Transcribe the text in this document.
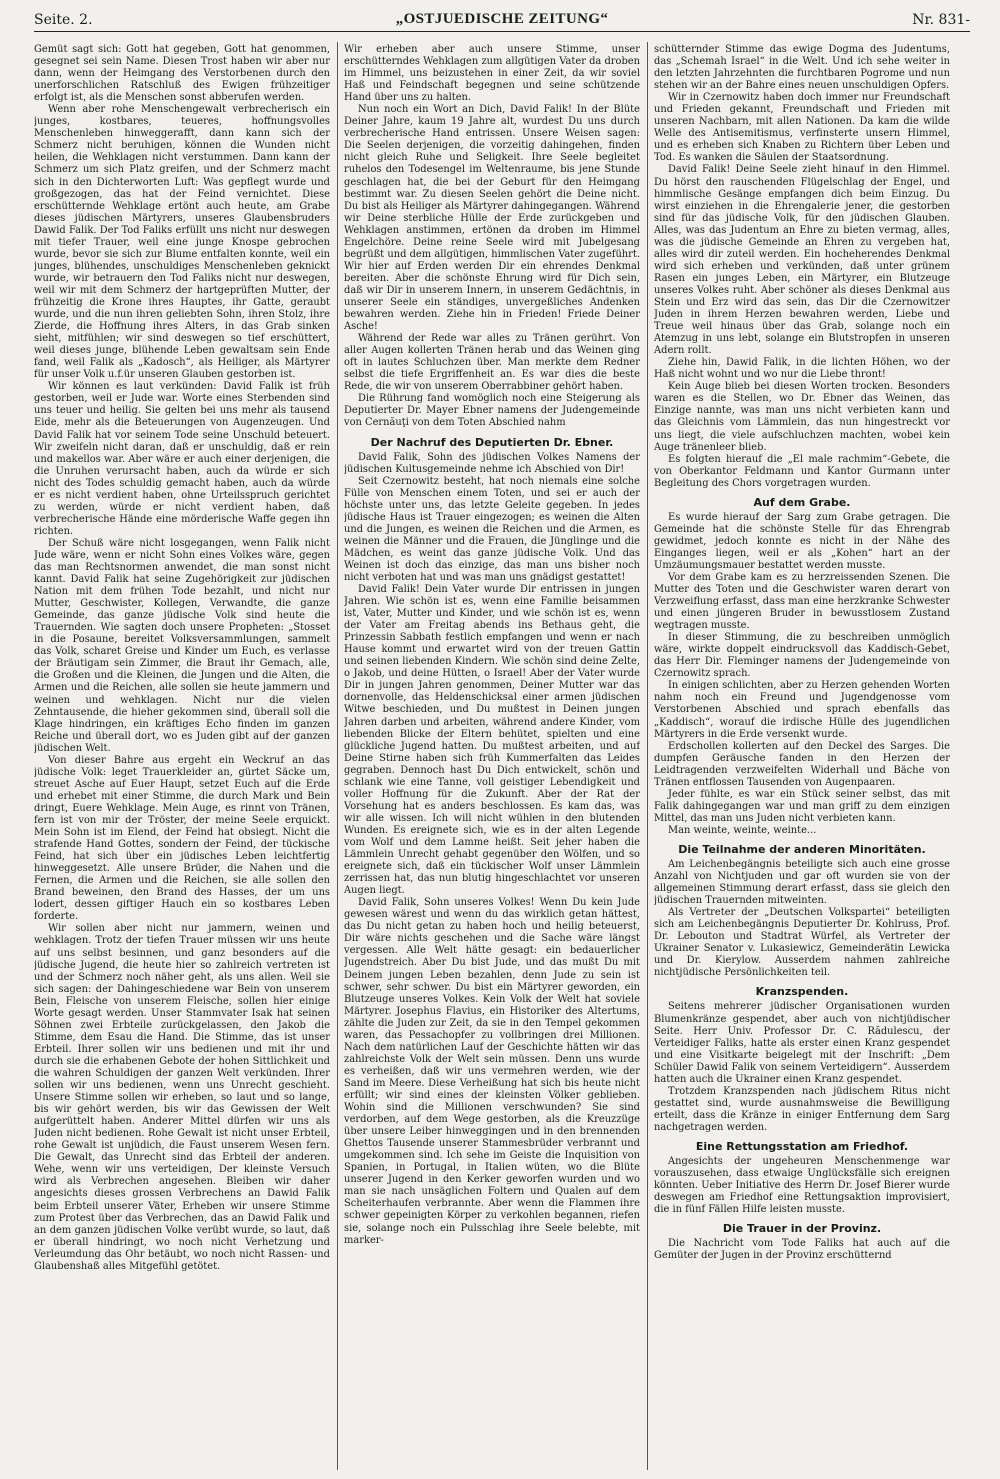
Seite. 2.	„OSTJUEDISCHE ZEITUNG“	Nr. 831-

Gemüt sagt sich: Gott hat gegeben, Gott hat genommen, gesegnet sei sein Name. Diesen Trost haben wir aber nur dann, wenn der Heimgang des Verstorbenen durch den unerforschlichen Ratschluß des Ewigen frühzeitiger erfolgt ist, als die Menschen sonst abberufen werden.

Wenn aber rohe Menschengewalt verbrecherisch ein junges, kostbares, teueres, hoffnungsvolles Menschenleben hinweggerafft, dann kann sich der Schmerz nicht beruhigen, können die Wunden nicht heilen, die Wehklagen nicht verstummen. Dann kann der Schmerz um sich Platz greifen, und der Schmerz macht sich in den Dichterworten Luft: Was gepflegt wurde und großgezogen, das hat der Feind vernichtet. Diese erschütternde Wehklage ertönt auch heute, am Grabe dieses jüdischen Märtyrers, unseres Glaubensbruders Dawid Falik. Der Tod Faliks erfüllt uns nicht nur deswegen mit tiefer Trauer, weil eine junge Knospe gebrochen wurde, bevor sie sich zur Blume entfalten konnte, weil ein junges, blühendes, unschuldiges Menschenleben geknickt wurde, wir betrauern den Tod Faliks nicht nur deswegen, weil wir mit dem Schmerz der hartgeprüften Mutter, der frühzeitig die Krone ihres Hauptes, ihr Gatte, geraubt wurde, und die nun ihren geliebten Sohn, ihren Stolz, ihre Zierde, die Hoffnung ihres Alters, in das Grab sinken sieht, mitfühlen; wir sind deswegen so tief erschüttert, weil dieses junge, blühende Leben gewaltsam sein Ende fand, weil Falik als „Kadosch“, als Heiliger, als Märtyrer für unser Volk u.f.ür unseren Glauben gestorben ist.

Wir können es laut verkünden: David Falik ist früh gestorben, weil er Jude war. Worte eines Sterbenden sind uns teuer und heilig. Sie gelten bei uns mehr als tausend Eide, mehr als die Beteuerungen von Augenzeugen. Und David Falik hat vor seinem Tode seine Unschuld beteuert. Wir zweifeln nicht daran, daß er unschuldig, daß er rein und makellos war. Aber wäre er auch einer derjenigen, die die Unruhen verursacht haben, auch da würde er sich nicht des Todes schuldig gemacht haben, auch da würde er es nicht verdient haben, ohne Urteilsspruch gerichtet zu werden, würde er nicht verdient haben, daß verbrecherische Hände eine mörderische Waffe gegen ihn richten.

Der Schuß wäre nicht losgegangen, wenn Falik nicht Jude wäre, wenn er nicht Sohn eines Volkes wäre, gegen das man Rechtsnormen anwendet, die man sonst nicht kannt. David Falik hat seine Zugehörigkeit zur jüdischen Nation mit dem frühen Tode bezahlt, und nicht nur Mutter, Geschwister, Kollegen, Verwandte, die ganze Gemeinde, das ganze jüdische Volk sind heute die Trauernden. Wie sagten doch unsere Propheten: „Stosset in die Posaune, bereitet Volksversammlungen, sammelt das Volk, scharet Greise und Kinder um Euch, es verlasse der Bräutigam sein Zimmer, die Braut ihr Gemach, alle, die Großen und die Kleinen, die Jungen und die Alten, die Armen und die Reichen, alle sollen sie heute jammern und weinen und wehklagen. Nicht nur die vielen Zehntausende, die hieher gekommen sind, überall soll die Klage hindringen, ein kräftiges Echo finden im ganzen Reiche und überall dort, wo es Juden gibt auf der ganzen jüdischen Welt.

Von dieser Bahre aus ergeht ein Weckruf an das jüdische Volk: leget Trauerkleider an, gürtet Säcke um, streuet Asche auf Euer Haupt, setzet Euch auf die Erde und erhebet mit einer Stimme, die durch Mark und Bein dringt, Euere Wehklage. Mein Auge, es rinnt von Tränen, fern ist von mir der Tröster, der meine Seele erquickt. Mein Sohn ist im Elend, der Feind hat obsiegt. Nicht die strafende Hand Gottes, sondern der Feind, der tückische Feind, hat sich über ein jüdisches Leben leichtfertig hinweggesetzt. Alle unsere Brüder, die Nahen und die Fernen, die Armen und die Reichen, sie alle sollen den Brand beweinen, den Brand des Hasses, der um uns lodert, dessen giftiger Hauch ein so kostbares Leben forderte.

Wir sollen aber nicht nur jammern, weinen und wehklagen. Trotz der tiefen Trauer müssen wir uns heute auf uns selbst besinnen, und ganz besonders auf die jüdische Jugend, die heute hier so zahlreich vertreten ist und der Schmerz noch näher geht, als uns allen. Weil sie sich sagen: der Dahingeschiedene war Bein von unserem Bein, Fleische von unserem Fleische, sollen hier einige Worte gesagt werden. Unser Stammvater Isak hat seinen Söhnen zwei Erbteile zurückgelassen, den Jakob die Stimme, dem Esau die Hand. Die Stimme, das ist unser Erbteil. Ihrer sollen wir uns bedienen und mit ihr und durch sie die erhabenen Gebote der hohen Sittlichkeit und die wahren Schuldigen der ganzen Welt verkünden. Ihrer sollen wir uns bedienen, wenn uns Unrecht geschieht. Unsere Stimme sollen wir erheben, so laut und so lange, bis wir gehört werden, bis wir das Gewissen der Welt aufgerüttelt haben. Anderer Mittel dürfen wir uns als Juden nicht bedienen. Rohe Gewalt ist nicht unser Erbteil, rohe Gewalt ist unjüdich, die Faust unserem Wesen fern. Die Gewalt, das Unrecht sind das Erbteil der anderen. Wehe, wenn wir uns verteidigen, Der kleinste Versuch wird als Verbrechen angesehen. Bleiben wir daher angesichts dieses grossen Verbrechens an Dawid Falik beim Erbteil unserer Väter, Erheben wir unsere Stimme zum Protest über das Verbrechen, das an Dawid Falik und an dem ganzen jüdischen Volke verübt wurde, so laut, daß er überall hindringt, wo noch nicht Verhetzung und Verleumdung das Ohr betäubt, wo noch nicht Rassen- und Glaubenshaß alles Mitgefühl getötet.

Wir erheben aber auch unsere Stimme, unser erschütterndes Wehklagen zum allgütigen Vater da droben im Himmel, uns beizustehen in einer Zeit, da wir soviel Haß und Feindschaft begegnen und seine schützende Hand über uns zu halten.

Nun noch ein Wort an Dich, David Falik! In der Blüte Deiner Jahre, kaum 19 Jahre alt, wurdest Du uns durch verbrecherische Hand entrissen. Unsere Weisen sagen: Die Seelen derjenigen, die vorzeitig dahingehen, finden nicht gleich Ruhe und Seligkeit. Ihre Seele begleitet ruhelos den Todesengel im Weltenraume, bis jene Stunde geschlagen hat, die bei der Geburt für den Heimgang bestimmt war. Zu diesen Seelen gehört die Deine nicht. Du bist als Heiliger als Märtyrer dahingegangen. Während wir Deine sterbliche Hülle der Erde zurückgeben und Wehklagen anstimmen, ertönen da droben im Himmel Engelchöre. Deine reine Seele wird mit Jubelgesang begrüßt und dem allgütigen, himmlischen Vater zugeführt. Wir hier auf Erden werden Dir ein ehrendes Denkmal bereiten. Aber die schönste Ehrung wird für Dich sein, daß wir Dir in unserem Innern, in unserem Gedächtnis, in unserer Seele ein ständiges, unvergeßliches Andenken bewahren werden. Ziehe hin in Frieden! Friede Deiner Asche!

Während der Rede war alles zu Tränen gerührt. Von aller Augen kollerten Tränen herab und das Weinen ging oft in lautes Schluchzen über. Man merkte dem Redner selbst die tiefe Ergriffenheit an. Es war dies die beste Rede, die wir von unserem Oberrabbiner gehört haben.

Die Rührung fand womöglich noch eine Steigerung als Deputierter Dr. Mayer Ebner namens der Judengemeinde von Cernăuţi von dem Toten Abschied nahm

Der Nachruf des Deputierten Dr. Ebner.

David Falik, Sohn des jüdischen Volkes Namens der jüdischen Kultusgemeinde nehme ich Abschied von Dir!

Seit Czernowitz besteht, hat noch niemals eine solche Fülle von Menschen einem Toten, und sei er auch der höchste unter uns, das letzte Geleite gegeben. In jedes jüdische Haus ist Trauer eingezogen; es weinen die Alten und die Jungen, es weinen die Reichen und die Armen, es weinen die Männer und die Frauen, die Jünglinge und die Mädchen, es weint das ganze jüdische Volk. Und das Weinen ist doch das einzige, das man uns bisher noch nicht verboten hat und was man uns gnädigst gestattet!

David Falik! Dein Vater wurde Dir entrissen in jungen Jahren. Wie schön ist es, wenn eine Familie beisammen ist, Vater, Mutter und Kinder, und wie schön ist es, wenn der Vater am Freitag abends ins Bethaus geht, die Prinzessin Sabbath festlich empfangen und wenn er nach Hause kommt und erwartet wird von der treuen Gattin und seinen liebenden Kindern. Wie schön sind deine Zelte, o Jakob, und deine Hütten, o Israel! Aber der Vater wurde Dir in jungen Jahren genommen, Deiner Mutter war das dornenvolle, das Heldenschicksal einer armen jüdischen Witwe beschieden, und Du mußtest in Deinen jungen Jahren darben und arbeiten, während andere Kinder, vom liebenden Blicke der Eltern behütet, spielten und eine glückliche Jugend hatten. Du mußtest arbeiten, und auf Deine Stirne haben sich früh Kummerfalten das Leides gegraben. Dennoch hast Du Dich entwickelt, schön und schlank wie eine Tanne, voll geistiger Lebendigkeit und voller Hoffnung für die Zukunft. Aber der Rat der Vorsehung hat es anders beschlossen. Es kam das, was wir alle wissen. Ich will nicht wühlen in den blutenden Wunden. Es ereignete sich, wie es in der alten Legende vom Wolf und dem Lamme heißt. Seit jeher haben die Lämmlein Unrecht gehabt gegenüber den Wölfen, und so ereignete sich, daß ein tückischer Wolf unser Lämmlein zerrissen hat, das nun blutig hingeschlachtet vor unseren Augen liegt.

David Falik, Sohn unseres Volkes! Wenn Du kein Jude gewesen wärest und wenn du das wirklich getan hättest, das Du nicht getan zu haben hoch und heilig beteuerst, Dir wäre nichts geschehen und die Sache wäre längst vergessen. Alle Welt hätte gesagt: ein bedauerlicher Jugendstreich. Aber Du bist Jude, und das mußt Du mit Deinem jungen Leben bezahlen, denn Jude zu sein ist schwer, sehr schwer. Du bist ein Märtyrer geworden, ein Blutzeuge unseres Volkes. Kein Volk der Welt hat soviele Märtyrer. Josephus Flavius, ein Historiker des Altertums, zählte die Juden zur Zeit, da sie in den Tempel gekommen waren, das Pessachopfer zu vollbringen drei Millionen. Nach dem natürlichen Lauf der Geschichte hätten wir das zahlreichste Volk der Welt sein müssen. Denn uns wurde es verheißen, daß wir uns vermehren werden, wie der Sand im Meere. Diese Verheißung hat sich bis heute nicht erfüllt; wir sind eines der kleinsten Völker geblieben. Wohin sind die Millionen verschwunden? Sie sind verdorben, auf dem Wege gestorben, als die Kreuzzüge über unsere Leiber hinweggingen und in den brennenden Ghettos Tausende unserer Stammesbrüder verbrannt und umgekommen sind. Ich sehe im Geiste die Inquisition von Spanien, in Portugal, in Italien wüten, wo die Blüte unserer Jugend in den Kerker geworfen wurden und wo man sie nach unsäglichen Foltern und Qualen auf dem Scheiterhaufen verbrannte. Aber wenn die Flammen ihre schwer gepeinigten Körper zu verkohlen begannen, riefen sie, solange noch ein Pulsschlag ihre Seele belebte, mit marker-

schütternder Stimme das ewige Dogma des Judentums, das „Schemah Israel“ in die Welt. Und ich sehe weiter in den letzten Jahrzehnten die furchtbaren Pogrome und nun stehen wir an der Bahre eines neuen unschuldigen Opfers.

Wir in Czernowitz haben doch immer nur Freundschaft und Frieden gekannt, Freundschaft und Frieden mit unseren Nachbarn, mit allen Nationen. Da kam die wilde Welle des Antisemitismus, verfinsterte unsern Himmel, und es erheben sich Knaben zu Richtern über Leben und Tod. Es wanken die Säulen der Staatsordnung.

David Falik! Deine Seele zieht hinauf in den Himmel. Du hörst den rauschenden Flügelschlag der Engel, und himmlische Gesänge empfangen dich beim Einzug. Du wirst einziehen in die Ehrengalerie jener, die gestorben sind für das jüdische Volk, für den jüdischen Glauben. Alles, was das Judentum an Ehre zu bieten vermag, alles, was die jüdische Gemeinde an Ehren zu vergeben hat, alles wird dir zuteil werden. Ein hocheherendes Denkmal wird sich erheben und verkünden, daß unter grünem Rasen ein junges Leben, ein Märtyrer, ein Blutzeuge unseres Volkes ruht. Aber schöner als dieses Denkmal aus Stein und Erz wird das sein, das Dir die Czernowitzer Juden in ihrem Herzen bewahren werden, Liebe und Treue weil hinaus über das Grab, solange noch ein Atemzug in uns lebt, solange ein Blutstropfen in unseren Adern rollt.

Ziehe hin, Dawid Falik, in die lichten Höhen, wo der Haß nicht wohnt und wo nur die Liebe thront!

Kein Auge blieb bei diesen Worten trocken. Besonders waren es die Stellen, wo Dr. Ebner das Weinen, das Einzige nannte, was man uns nicht verbieten kann und das Gleichnis vom Lämmlein, das nun hingestreckt vor uns liegt, die viele aufschluchzen machten, wobei kein Auge tränenleer blieb.

Es folgten hierauf die „El male rachmim“-Gebete, die von Oberkantor Feldmann und Kantor Gurmann unter Begleitung des Chors vorgetragen wurden.

Auf dem Grabe.

Es wurde hierauf der Sarg zum Grabe getragen. Die Gemeinde hat die schönste Stelle für das Ehrengrab gewidmet, jedoch konnte es nicht in der Nähe des Einganges liegen, weil er als „Kohen“ hart an der Umzäumungsmauer bestattet werden musste.

Vor dem Grabe kam es zu herzreissenden Szenen. Die Mutter des Toten und die Geschwister waren derart von Verzweiflung erfasst, dass man eine herzkranke Schwester und einen jüngeren Bruder in bewusstlosem Zustand wegtragen musste.

In dieser Stimmung, die zu beschreiben unmöglich wäre, wirkte doppelt eindrucksvoll das Kaddisch-Gebet, das Herr Dir. Fleminger namens der Judengemeinde von Czernowitz sprach.

In einigen schlichten, aber zu Herzen gehenden Worten nahm noch ein Freund und Jugendgenosse vom Verstorbenen Abschied und sprach ebenfalls das „Kaddisch“, worauf die irdische Hülle des jugendlichen Märtyrers in die Erde versenkt wurde.

Erdschollen kollerten auf den Deckel des Sarges. Die dumpfen Geräusche fanden in den Herzen der Leidtragenden verzweifelten Widerhall und Bäche von Tränen entflossen Tausenden von Augenpaaren.

Jeder fühlte, es war ein Stück seiner selbst, das mit Falik dahingegangen war und man griff zu dem einzigen Mittel, das man uns Juden nicht verbieten kann.

Man weinte, weinte, weinte...

Die Teilnahme der anderen Minoritäten.

Am Leichenbegängnis beteiligte sich auch eine grosse Anzahl von Nichtjuden und gar oft wurden sie von der allgemeinen Stimmung derart erfasst, dass sie gleich den jüdischen Trauernden mitweinten.

Als Vertreter der „Deutschen Volkspartei“ beteiligten sich am Leichenbegängnis Deputierter Dr. Kohlruss, Prof. Dr. Lebouton und Stadtrat Würfel, als Vertreter der Ukrainer Senator v. Lukasiewicz, Gemeinderätin Lewicka und Dr. Kierylow. Ausserdem nahmen zahlreiche nichtjüdische Persönlichkeiten teil.

Kranzspenden.

Seitens mehrerer jüdischer Organisationen wurden Blumenkränze gespendet, aber auch von nichtjüdischer Seite. Herr Univ. Professor Dr. C. Rădulescu, der Verteidiger Faliks, hatte als erster einen Kranz gespendet und eine Visitkarte beigelegt mit der Inschrift: „Dem Schüler Dawid Falik von seinem Verteidigern“. Ausserdem hatten auch die Ukrainer einen Kranz gespendet.

Trotzdem Kranzspenden nach jüdischem Ritus nicht gestattet sind, wurde ausnahmsweise die Bewilligung erteilt, dass die Kränze in einiger Entfernung dem Sarg nachgetragen werden.

Eine Rettungsstation am Friedhof.

Angesichts der ungeheuren Menschenmenge war vorauszusehen, dass etwaige Unglücksfälle sich ereignen könnten. Ueber Initiative des Herrn Dr. Josef Bierer wurde deswegen am Friedhof eine Rettungsaktion improvisiert, die in fünf Fällen Hilfe leisten musste.

Die Trauer in der Provinz.

Die Nachricht vom Tode Faliks hat auch auf die Gemüter der Jugen in der Provinz erschütternd
